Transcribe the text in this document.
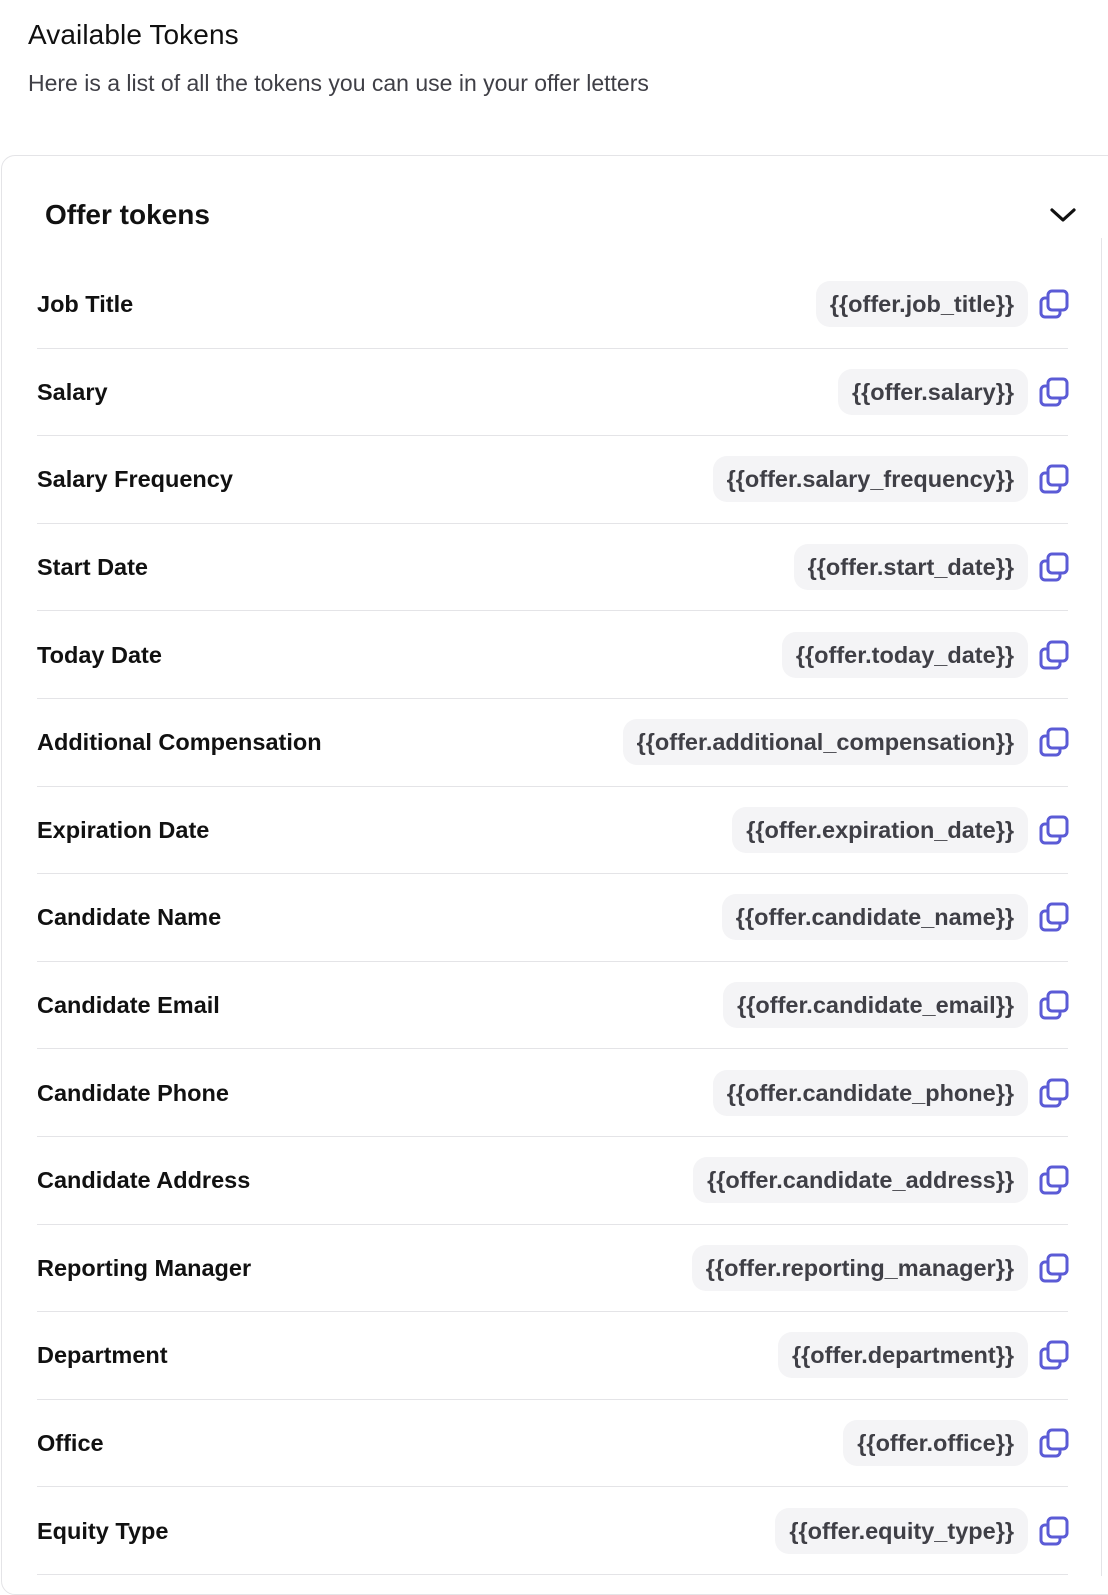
Available Tokens

Here is a list of all the tokens you can use in your offer letters

Offer tokens
Job Title	{{offer.job_title}}
Salary	{{offer.salary}}
Salary Frequency	{{offer.salary_frequency}}
Start Date	{{offer.start_date}}
Today Date	{{offer.today_date}}
Additional Compensation	{{offer.additional_compensation}}
Expiration Date	{{offer.expiration_date}}
Candidate Name	{{offer.candidate_name}}
Candidate Email	{{offer.candidate_email}}
Candidate Phone	{{offer.candidate_phone}}
Candidate Address	{{offer.candidate_address}}
Reporting Manager	{{offer.reporting_manager}}
Department	{{offer.department}}
Office	{{offer.office}}
Equity Type	{{offer.equity_type}}
